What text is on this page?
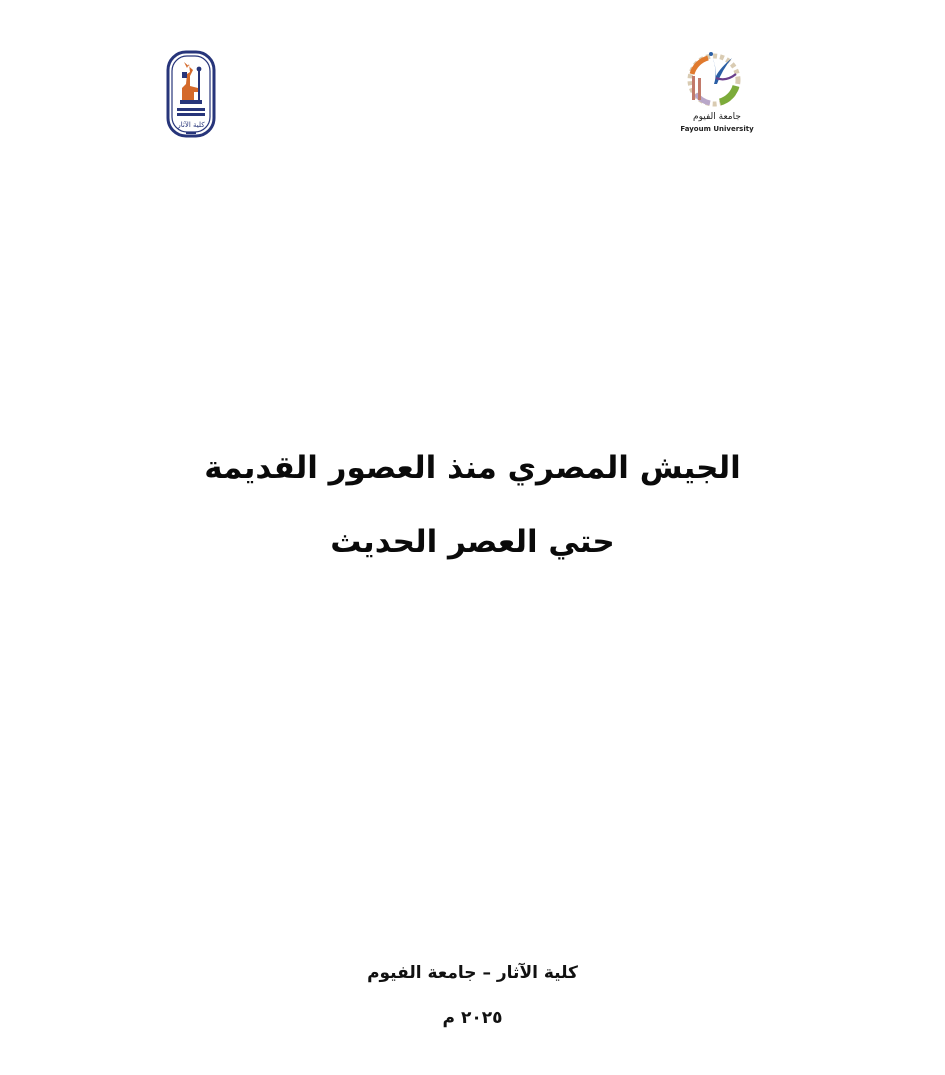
كلية الآثار
جامعة الفيوم
Fayoum University

الجيش المصري منذ العصور القديمة

حتي العصر الحديث

كلية الآثار – جامعة الفيوم
٢٠٢٥ م
